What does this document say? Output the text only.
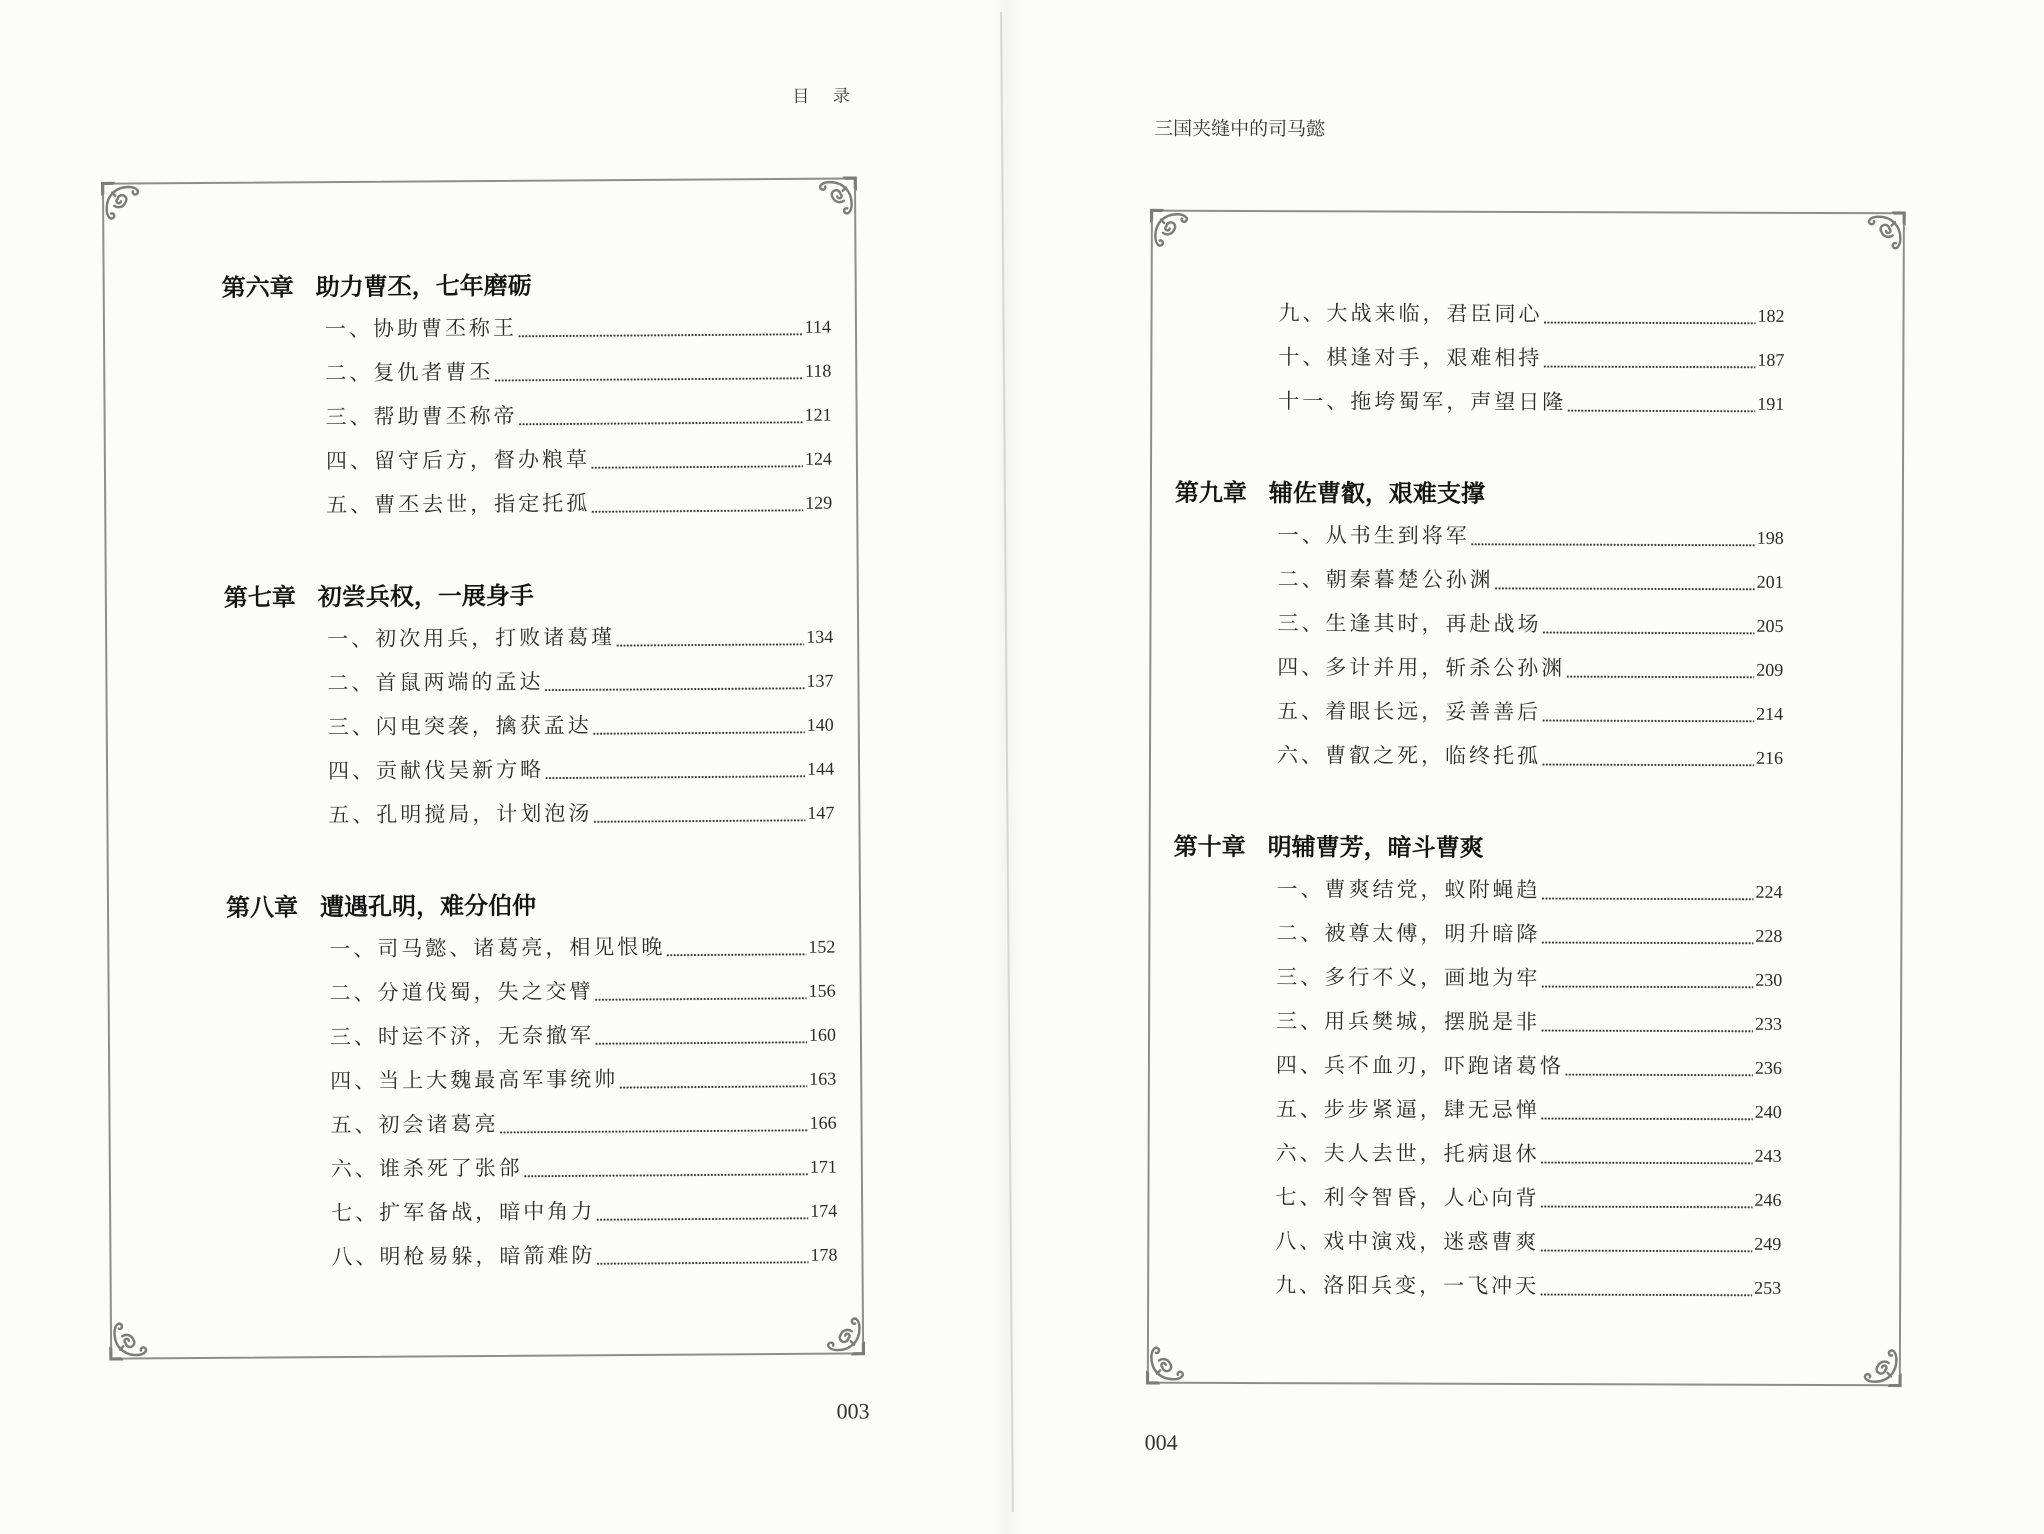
目 录
第六章 助力曹丕，七年磨砺
一、协助曹丕称王	114
二、复仇者曹丕	118
三、帮助曹丕称帝	121
四、留守后方，督办粮草	124
五、曹丕去世，指定托孤	129
第七章 初尝兵权，一展身手
一、初次用兵，打败诸葛瑾	134
二、首鼠两端的孟达	137
三、闪电突袭，擒获孟达	140
四、贡献伐吴新方略	144
五、孔明搅局，计划泡汤	147
第八章 遭遇孔明，难分伯仲
一、司马懿、诸葛亮，相见恨晚	152
二、分道伐蜀，失之交臂	156
三、时运不济，无奈撤军	160
四、当上大魏最高军事统帅	163
五、初会诸葛亮	166
六、谁杀死了张郃	171
七、扩军备战，暗中角力	174
八、明枪易躲，暗箭难防	178
003
三国夹缝中的司马懿
九、大战来临，君臣同心	182
十、棋逢对手，艰难相持	187
十一、拖垮蜀军，声望日隆	191
第九章 辅佐曹叡，艰难支撑
一、从书生到将军	198
二、朝秦暮楚公孙渊	201
三、生逢其时，再赴战场	205
四、多计并用，斩杀公孙渊	209
五、着眼长远，妥善善后	214
六、曹叡之死，临终托孤	216
第十章 明辅曹芳，暗斗曹爽
一、曹爽结党，蚁附蝇趋	224
二、被尊太傅，明升暗降	228
三、多行不义，画地为牢	230
三、用兵樊城，摆脱是非	233
四、兵不血刃，吓跑诸葛恪	236
五、步步紧逼，肆无忌惮	240
六、夫人去世，托病退休	243
七、利令智昏，人心向背	246
八、戏中演戏，迷惑曹爽	249
九、洛阳兵变，一飞冲天	253
004
